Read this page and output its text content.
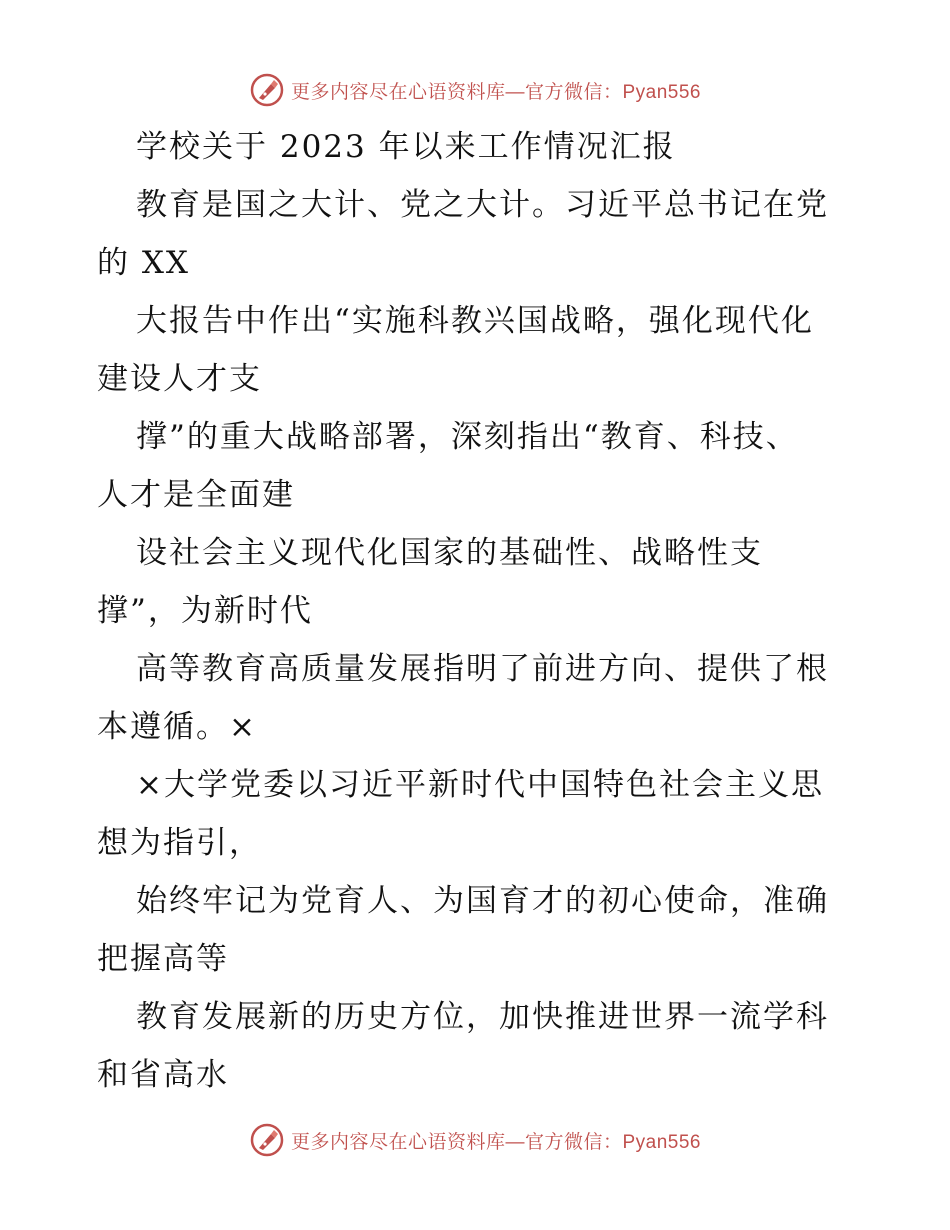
更多内容尽在心语资料库—官方微信：Pyan556
学校关于 2023 年以来工作情况汇报
教育是国之大计、党之大计。习近平总书记在党
的 XX
大报告中作出“实施科教兴国战略，强化现代化
建设人才支
撑”的重大战略部署，深刻指出“教育、科技、
人才是全面建
设社会主义现代化国家的基础性、战略性支
撑”，为新时代
高等教育高质量发展指明了前进方向、提供了根
本遵循。×
×大学党委以习近平新时代中国特色社会主义思
想为指引，
始终牢记为党育人、为国育才的初心使命，准确
把握高等
教育发展新的历史方位，加快推进世界一流学科
和省高水
更多内容尽在心语资料库—官方微信：Pyan556
